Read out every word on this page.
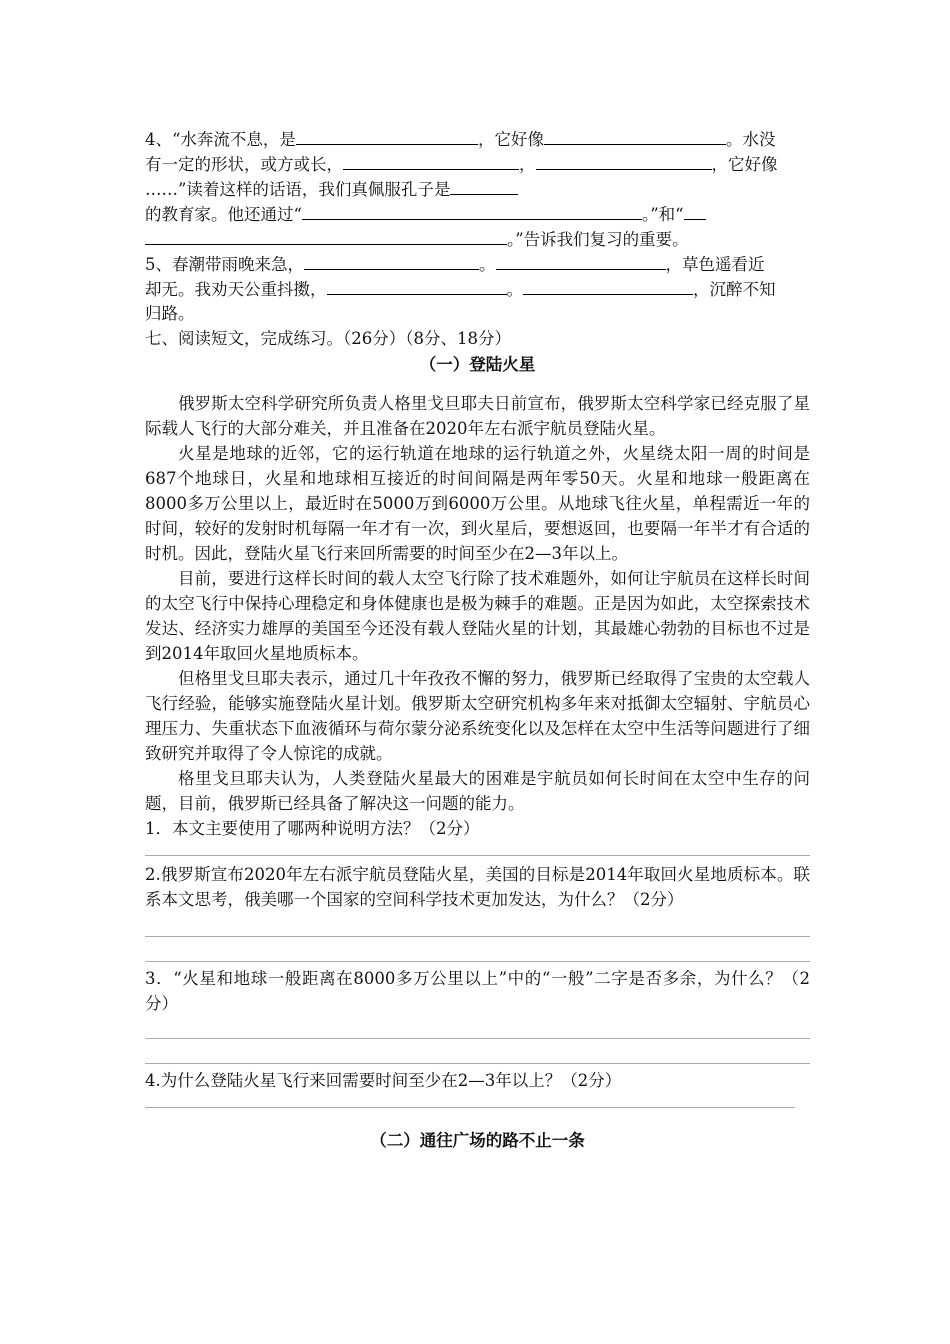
4、“水奔流不息，是	，它好像	。水没
有一定的形状，或方或长，	，	，它好像
……”读着这样的话语，我们真佩服孔子是
的教育家。他还通过“	。”和“
。”告诉我们复习的重要。
5、春潮带雨晚来急，	。	，草色遥看近
却无。我劝天公重抖擞，	。	，沉醉不知
归路。
七、阅读短文，完成练习。（26分）（8分、18分）
（一）登陆火星
俄罗斯太空科学研究所负责人格里戈旦耶夫日前宣布，俄罗斯太空科学家已经克服了星际载人飞行的大部分难关，并且准备在2020年左右派宇航员登陆火星。
火星是地球的近邻，它的运行轨道在地球的运行轨道之外，火星绕太阳一周的时间是687个地球日，火星和地球相互接近的时间间隔是两年零50天。火星和地球一般距离在8000多万公里以上，最近时在5000万到6000万公里。从地球飞往火星，单程需近一年的时间，较好的发射时机每隔一年才有一次，到火星后，要想返回，也要隔一年半才有合适的时机。因此，登陆火星飞行来回所需要的时间至少在2—3年以上。
目前，要进行这样长时间的载人太空飞行除了技术难题外，如何让宇航员在这样长时间的太空飞行中保持心理稳定和身体健康也是极为棘手的难题。正是因为如此，太空探索技术发达、经济实力雄厚的美国至今还没有载人登陆火星的计划，其最雄心勃勃的目标也不过是到2014年取回火星地质标本。
但格里戈旦耶夫表示，通过几十年孜孜不懈的努力，俄罗斯已经取得了宝贵的太空载人飞行经验，能够实施登陆火星计划。俄罗斯太空研究机构多年来对抵御太空辐射、宇航员心理压力、失重状态下血液循环与荷尔蒙分泌系统变化以及怎样在太空中生活等问题进行了细致研究并取得了令人惊诧的成就。
格里戈旦耶夫认为，人类登陆火星最大的困难是宇航员如何长时间在太空中生存的问题，目前，俄罗斯已经具备了解决这一问题的能力。
1．本文主要使用了哪两种说明方法？（2分）
2.俄罗斯宣布2020年左右派宇航员登陆火星，美国的目标是2014年取回火星地质标本。联系本文思考，俄美哪一个国家的空间科学技术更加发达，为什么？（2分）
3．“火星和地球一般距离在8000多万公里以上”中的“一般”二字是否多余，为什么？（2分）
4.为什么登陆火星飞行来回需要时间至少在2—3年以上？（2分）
（二）通往广场的路不止一条
